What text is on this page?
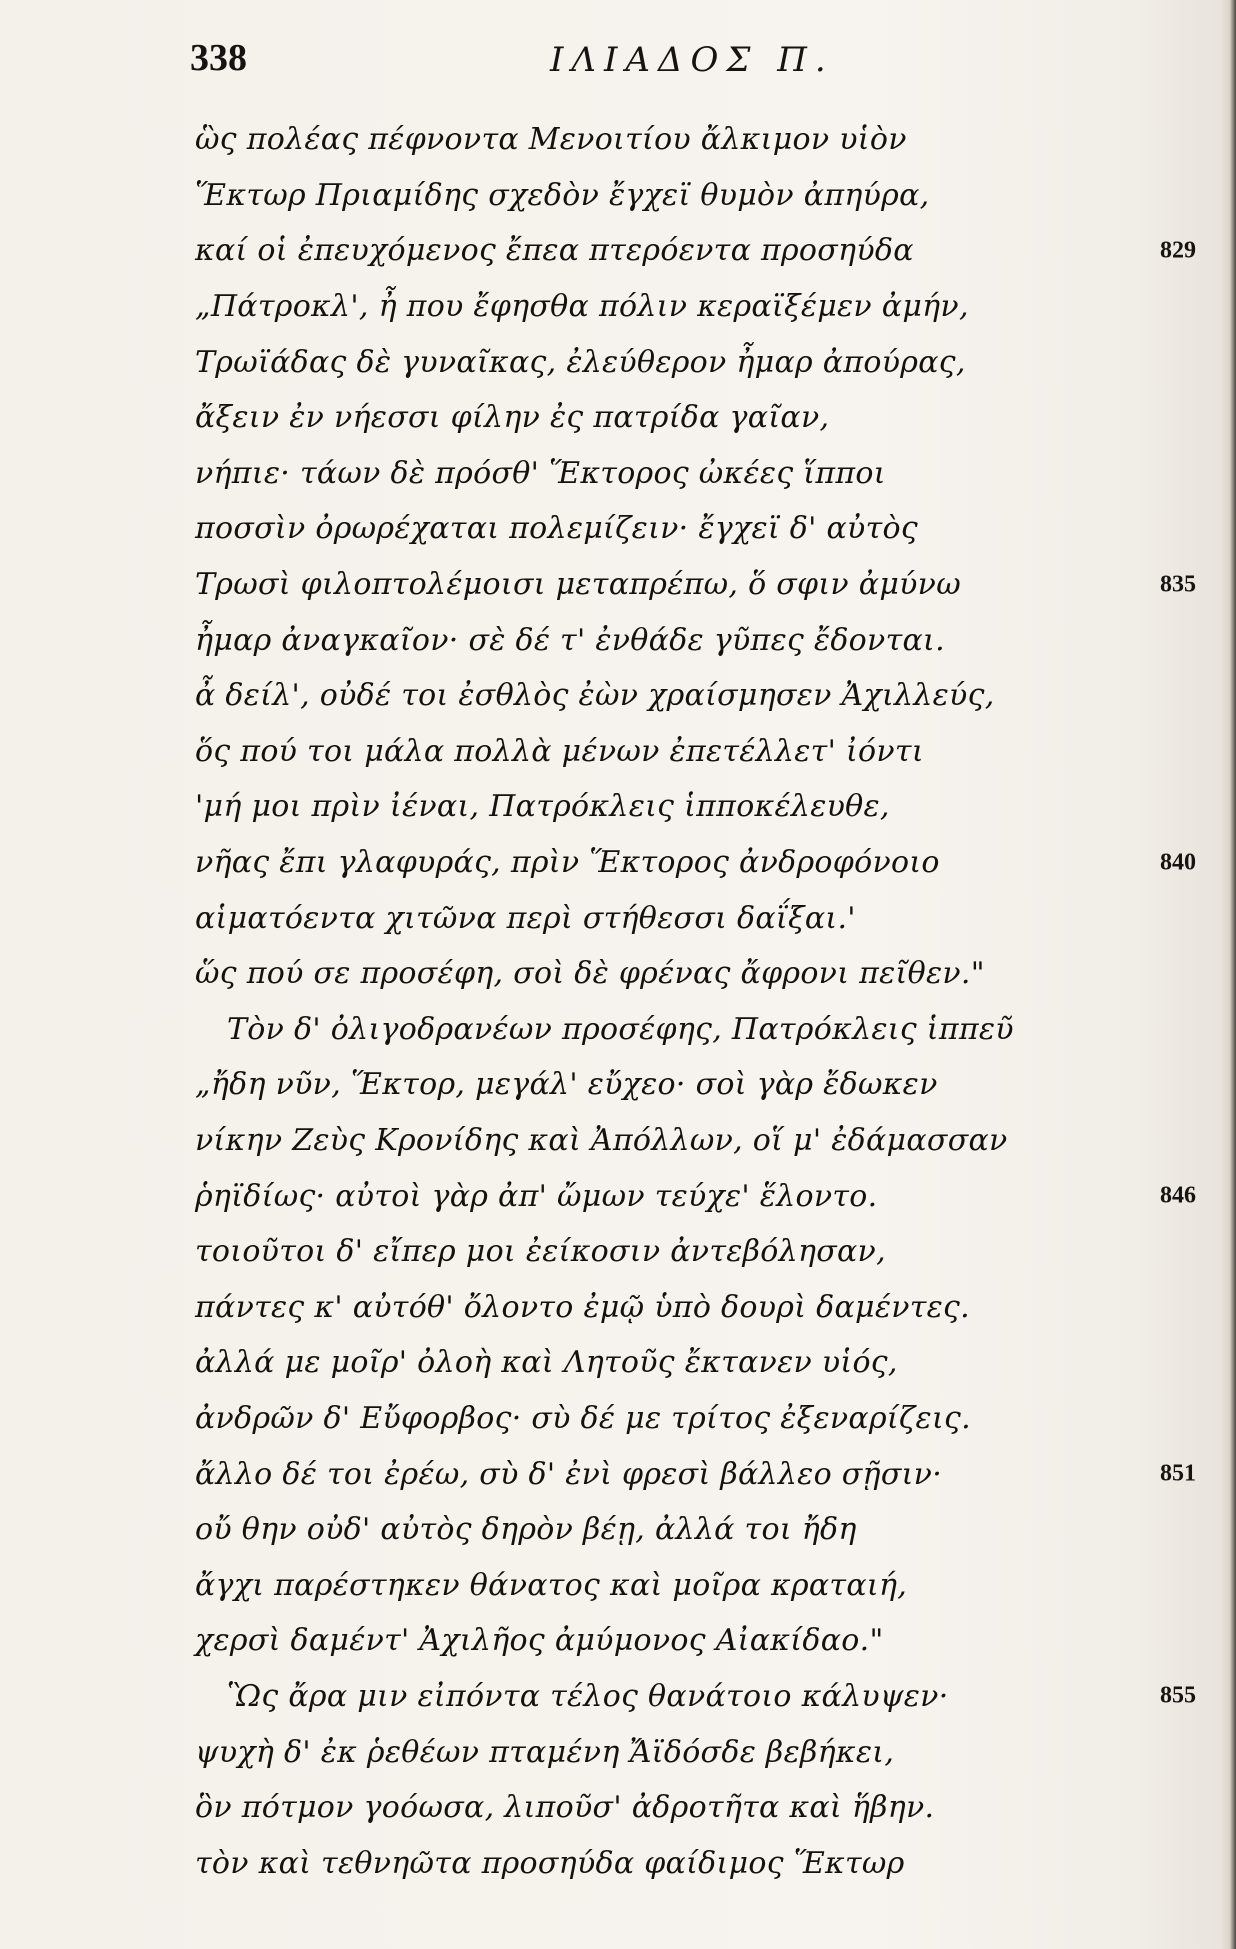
338	ΙΛΙΑΔΟΣ Π.
ὣς πολέας πέφνοντα Μενοιτίου ἄλκιμον υἱὸν
Ἕκτωρ Πριαμίδης σχεδὸν ἔγχεϊ θυμὸν ἀπηύρα,
καί οἱ ἐπευχόμενος ἔπεα πτερόεντα προσηύδα	829
„Πάτροκλ', ἦ που ἔφησθα πόλιν κεραϊξέμεν ἀμήν,
Τρωϊάδας δὲ γυναῖκας, ἐλεύθερον ἦμαρ ἀπούρας,
ἄξειν ἐν νήεσσι φίλην ἐς πατρίδα γαῖαν,
νήπιε· τάων δὲ πρόσθ' Ἕκτορος ὠκέες ἵπποι
ποσσὶν ὀρωρέχαται πολεμίζειν· ἔγχεϊ δ' αὐτὸς
Τρωσὶ φιλοπτολέμοισι μεταπρέπω, ὅ σφιν ἀμύνω	835
ἦμαρ ἀναγκαῖον· σὲ δέ τ' ἐνθάδε γῦπες ἔδονται.
ἆ δείλ', οὐδέ τοι ἐσθλὸς ἐὼν χραίσμησεν Ἀχιλλεύς,
ὅς πού τοι μάλα πολλὰ μένων ἐπετέλλετ' ἰόντι
'μή μοι πρὶν ἰέναι, Πατρόκλεις ἱπποκέλευθε,
νῆας ἔπι γλαφυράς, πρὶν Ἕκτορος ἀνδροφόνοιο	840
αἱματόεντα χιτῶνα περὶ στήθεσσι δαΐξαι.'
ὥς πού σε προσέφη, σοὶ δὲ φρένας ἄφρονι πεῖθεν."
Τὸν δ' ὀλιγοδρανέων προσέφης, Πατρόκλεις ἱππεῦ
„ἤδη νῦν, Ἕκτορ, μεγάλ' εὔχεο· σοὶ γὰρ ἔδωκεν
νίκην Ζεὺς Κρονίδης καὶ Ἀπόλλων, οἵ μ' ἐδάμασσαν
ῥηϊδίως· αὐτοὶ γὰρ ἀπ' ὤμων τεύχε' ἕλοντο.	846
τοιοῦτοι δ' εἴπερ μοι ἐείκοσιν ἀντεβόλησαν,
πάντες κ' αὐτόθ' ὄλοντο ἐμῷ ὑπὸ δουρὶ δαμέντες.
ἀλλά με μοῖρ' ὀλοὴ καὶ Λητοῦς ἔκτανεν υἱός,
ἀνδρῶν δ' Εὔφορβος· σὺ δέ με τρίτος ἐξεναρίζεις.
ἄλλο δέ τοι ἐρέω, σὺ δ' ἐνὶ φρεσὶ βάλλεο σῇσιν·	851
οὔ θην οὐδ' αὐτὸς δηρὸν βέῃ, ἀλλά τοι ἤδη
ἄγχι παρέστηκεν θάνατος καὶ μοῖρα κραταιή,
χερσὶ δαμέντ' Ἀχιλῆος ἀμύμονος Αἰακίδαο."
Ὣς ἄρα μιν εἰπόντα τέλος θανάτοιο κάλυψεν·	855
ψυχὴ δ' ἐκ ῥεθέων πταμένη Ἄϊδόσδε βεβήκει,
ὃν πότμον γοόωσα, λιποῦσ' ἀδροτῆτα καὶ ἥβην.
τὸν καὶ τεθνηῶτα προσηύδα φαίδιμος Ἕκτωρ
